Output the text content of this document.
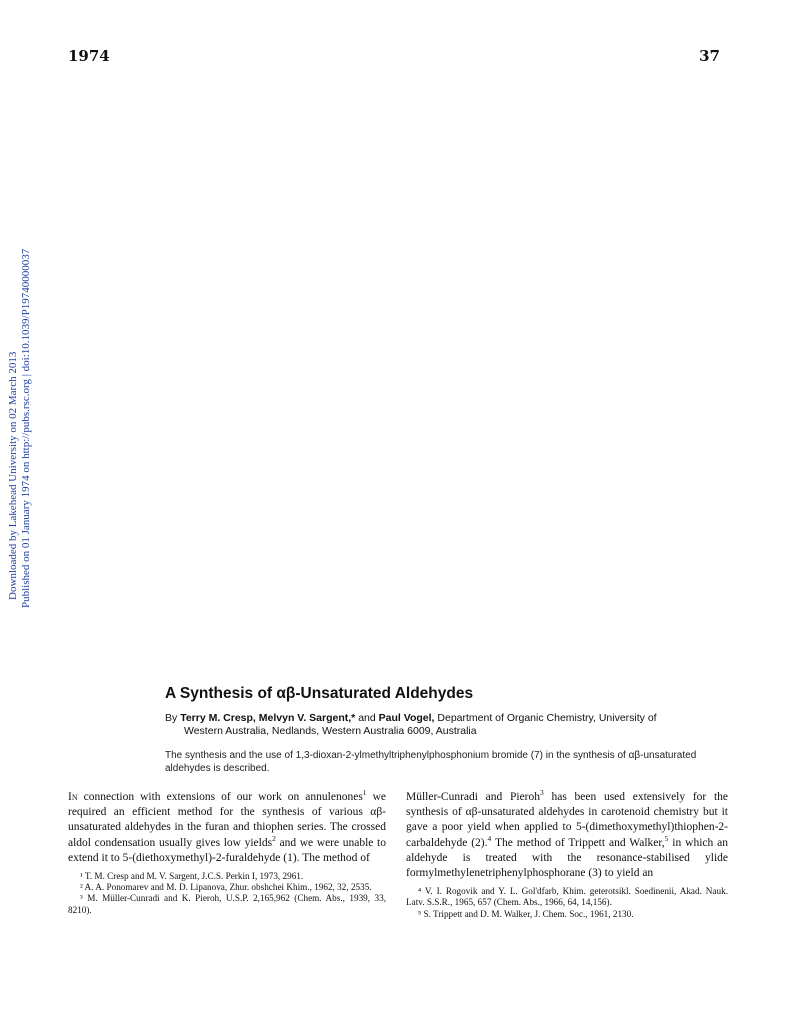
1974	37
Downloaded by Lakehead University on 02 March 2013 Published on 01 January 1974 on http://pubs.rsc.org | doi:10.1039/P19740000037
A Synthesis of αβ-Unsaturated Aldehydes
By Terry M. Cresp, Melvyn V. Sargent,* and Paul Vogel, Department of Organic Chemistry, University of
Western Australia, Nedlands, Western Australia 6009, Australia
The synthesis and the use of 1,3-dioxan-2-ylmethyltriphenylphosphonium bromide (7) in the synthesis of αβ-unsaturated aldehydes is described.

In connection with extensions of our work on annulenones$^1$ we required an efficient method for the synthesis of various αβ-unsaturated aldehydes in the furan and thiophen series. The crossed aldol condensation usually gives low yields$^2$ and we were unable to extend it to 5-(diethoxymethyl)-2-furaldehyde (1). The method of

¹ T. M. Cresp and M. V. Sargent, J.C.S. Perkin I, 1973, 2961.
² A. A. Ponomarev and M. D. Lipanova, Zhur. obshchei Khim., 1962, 32, 2535.
³ M. Müller-Cunradi and K. Pieroh, U.S.P. 2,165,962 (Chem. Abs., 1939, 33, 8210).

Müller-Cunradi and Pieroh$^3$ has been used extensively for the synthesis of αβ-unsaturated aldehydes in carotenoid chemistry but it gave a poor yield when applied to 5-(dimethoxymethyl)thiophen-2-carbaldehyde (2).$^4$ The method of Trippett and Walker,$^5$ in which an aldehyde is treated with the resonance-stabilised ylide formylmethylenetriphenylphosphorane (3) to yield an

⁴ V. I. Rogovik and Y. L. Gol'dfarb, Khim. geterotsikl. Soedinenii, Akad. Nauk. Latv. S.S.R., 1965, 657 (Chem. Abs., 1966, 64, 14,156).
⁵ S. Trippett and D. M. Walker, J. Chem. Soc., 1961, 2130.
